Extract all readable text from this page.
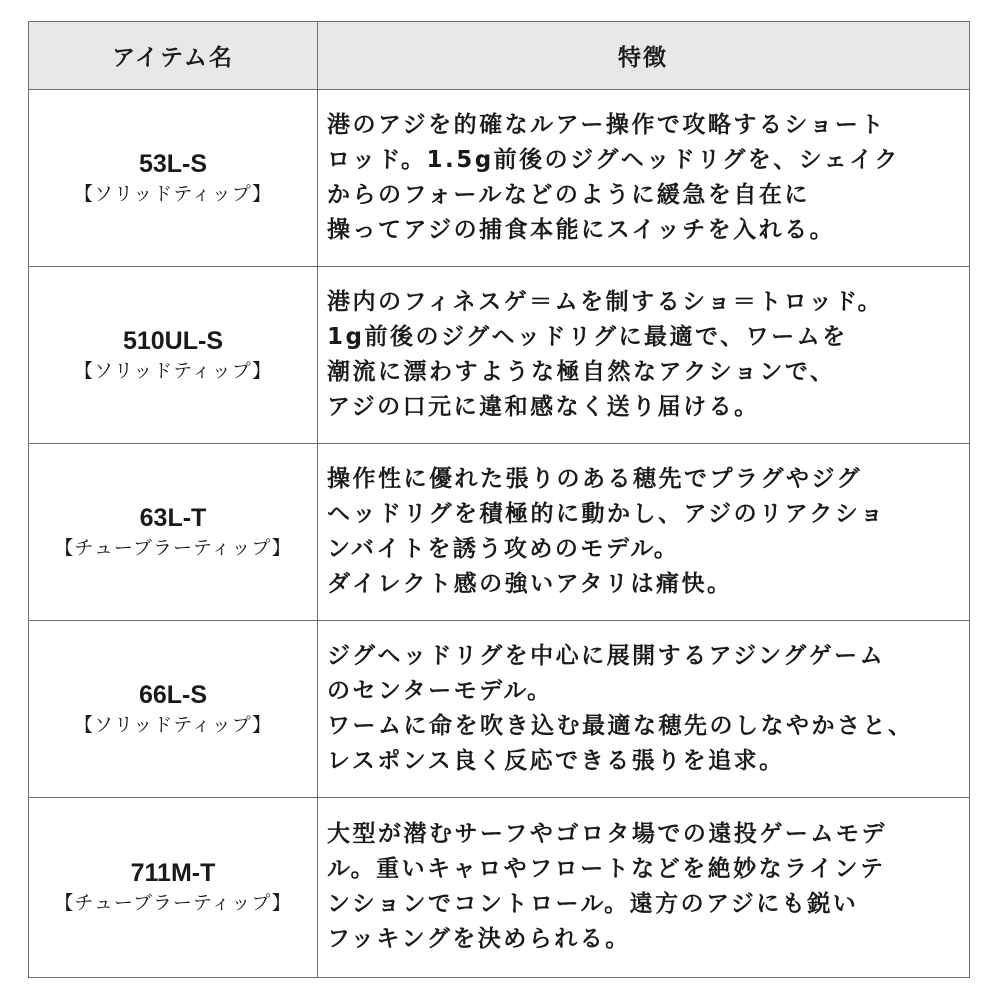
アイテム名	特徴
53L-S
【ソリッドティップ】
港のアジを的確なルアー操作で攻略するショート
ロッド。1.5g前後のジグヘッドリグを、シェイク
からのフォールなどのように緩急を自在に
操ってアジの捕食本能にスイッチを入れる。
510UL-S
【ソリッドティップ】
港内のフィネスゲ＝ムを制するショ＝トロッド。
1g前後のジグヘッドリグに最適で、ワームを
潮流に漂わすような極自然なアクションで、
アジの口元に違和感なく送り届ける。
63L-T
【チューブラーティップ】
操作性に優れた張りのある穂先でプラグやジグ
ヘッドリグを積極的に動かし、アジのリアクショ
ンバイトを誘う攻めのモデル。
ダイレクト感の強いアタリは痛快。
66L-S
【ソリッドティップ】
ジグヘッドリグを中心に展開するアジングゲーム
のセンターモデル。
ワームに命を吹き込む最適な穂先のしなやかさと、
レスポンス良く反応できる張りを追求。
711M-T
【チューブラーティップ】
大型が潜むサーフやゴロタ場での遠投ゲームモデ
ル。重いキャロやフロートなどを絶妙なラインテ
ンションでコントロール。遠方のアジにも鋭い
フッキングを決められる。
